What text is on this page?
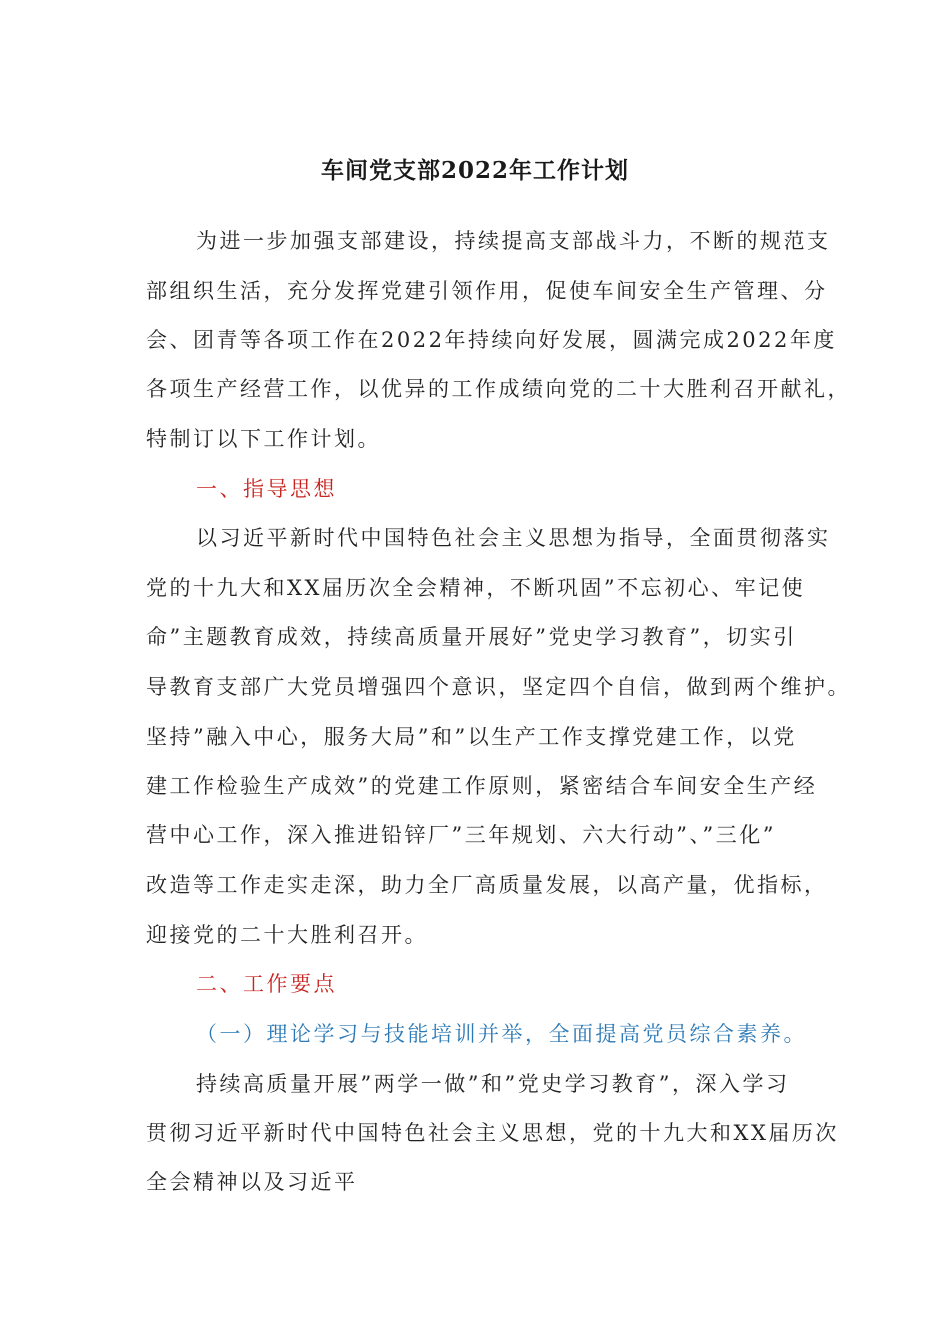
车间党支部2022年工作计划
为进一步加强支部建设，持续提高支部战斗力，不断的规范支
部组织生活，充分发挥党建引领作用，促使车间安全生产管理、分
会、团青等各项工作在2022年持续向好发展，圆满完成2022年度
各项生产经营工作，以优异的工作成绩向党的二十大胜利召开献礼，
特制订以下工作计划。
一、指导思想
以习近平新时代中国特色社会主义思想为指导，全面贯彻落实
党的十九大和XX届历次全会精神，不断巩固”不忘初心、牢记使
命”主题教育成效，持续高质量开展好”党史学习教育”，切实引
导教育支部广大党员增强四个意识，坚定四个自信，做到两个维护。
坚持”融入中心，服务大局”和”以生产工作支撑党建工作，以党
建工作检验生产成效”的党建工作原则，紧密结合车间安全生产经
营中心工作，深入推进铅锌厂”三年规划、六大行动”、”三化”
改造等工作走实走深，助力全厂高质量发展，以高产量，优指标，
迎接党的二十大胜利召开。
二、工作要点
（一）理论学习与技能培训并举，全面提高党员综合素养。
持续高质量开展”两学一做”和”党史学习教育”，深入学习
贯彻习近平新时代中国特色社会主义思想，党的十九大和XX届历次
全会精神以及习近平
